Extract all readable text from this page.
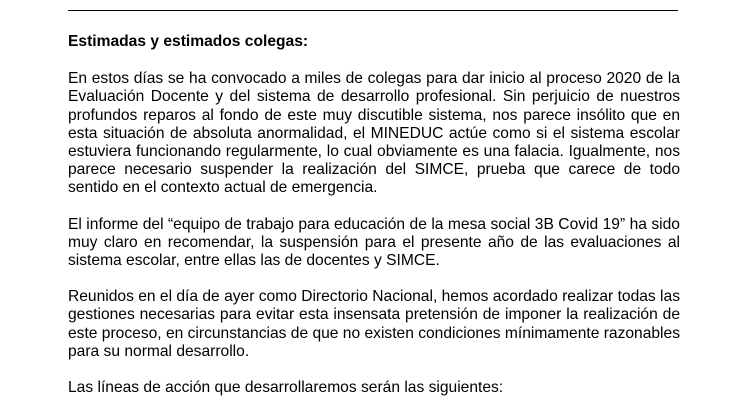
Estimadas y estimados colegas:

En estos días se ha convocado a miles de colegas para dar inicio al proceso 2020 de la Evaluación Docente y del sistema de desarrollo profesional. Sin perjuicio de nuestros profundos reparos al fondo de este muy discutible sistema, nos parece insólito que en esta situación de absoluta anormalidad, el MINEDUC actúe como si el sistema escolar estuviera funcionando regularmente, lo cual obviamente es una falacia. Igualmente, nos parece necesario suspender la realización del SIMCE, prueba que carece de todo sentido en el contexto actual de emergencia.

El informe del “equipo de trabajo para educación de la mesa social 3B Covid 19” ha sido muy claro en recomendar, la suspensión para el presente año de las evaluaciones al sistema escolar, entre ellas las de docentes y SIMCE.

Reunidos en el día de ayer como Directorio Nacional, hemos acordado realizar todas las gestiones necesarias para evitar esta insensata pretensión de imponer la realización de este proceso, en circunstancias de que no existen condiciones mínimamente razonables para su normal desarrollo.

Las líneas de acción que desarrollaremos serán las siguientes:
